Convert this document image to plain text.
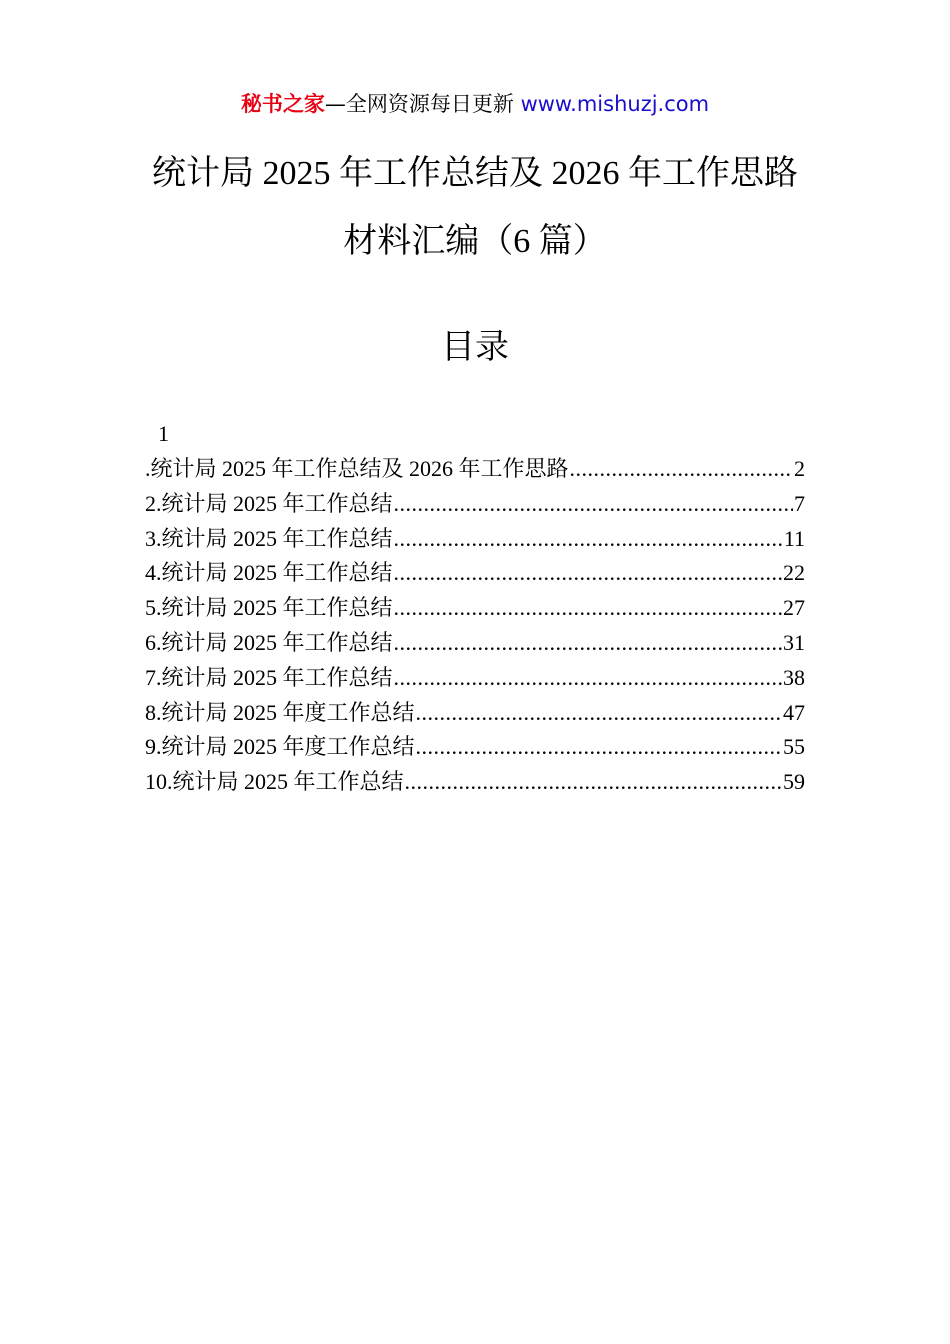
秘书之家—全网资源每日更新 www.mishuzj.com
统计局 2025 年工作总结及 2026 年工作思路
材料汇编（6 篇）
目录
1
.统计局 2025 年工作总结及 2026 年工作思路 .....	2
2.统计局 2025 年工作总结 .....	7
3.统计局 2025 年工作总结 .....	11
4.统计局 2025 年工作总结 .....	22
5.统计局 2025 年工作总结 .....	27
6.统计局 2025 年工作总结 .....	31
7.统计局 2025 年工作总结 .....	38
8.统计局 2025 年度工作总结 .....	47
9.统计局 2025 年度工作总结 .....	55
10.统计局 2025 年工作总结 .....	59
